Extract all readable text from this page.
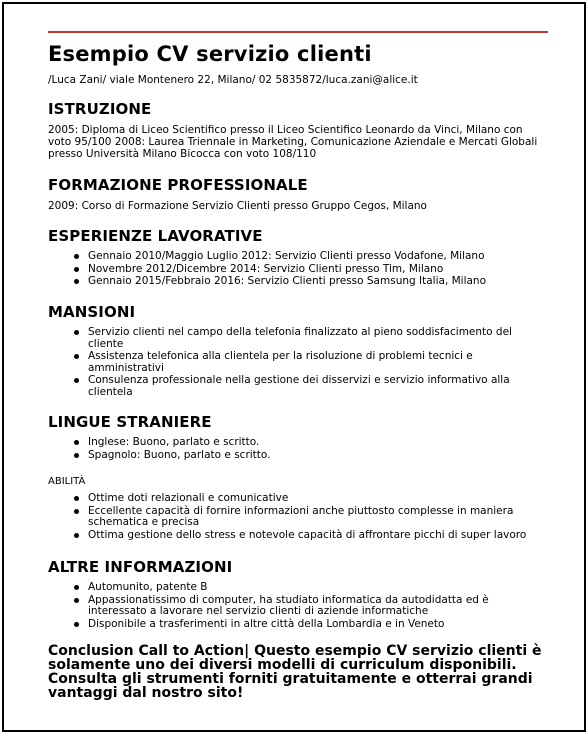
Esempio CV servizio clienti
/Luca Zani/ viale Montenero 22, Milano/ 02 5835872/luca.zani@alice.it
ISTRUZIONE

2005: Diploma di Liceo Scientifico presso il Liceo Scientifico Leonardo da Vinci, Milano con voto 95/100 2008: Laurea Triennale in Marketing, Comunicazione Aziendale e Mercati Globali presso Università Milano Bicocca con voto 108/110

FORMAZIONE PROFESSIONALE

2009: Corso di Formazione Servizio Clienti presso Gruppo Cegos, Milano

ESPERIENZE LAVORATIVE
Gennaio 2010/Maggio Luglio 2012: Servizio Clienti presso Vodafone, Milano
Novembre 2012/Dicembre 2014: Servizio Clienti presso Tim, Milano
Gennaio 2015/Febbraio 2016: Servizio Clienti presso Samsung Italia, Milano
MANSIONI
Servizio clienti nel campo della telefonia finalizzato al pieno soddisfacimento del cliente
Assistenza telefonica alla clientela per la risoluzione di problemi tecnici e amministrativi
Consulenza professionale nella gestione dei disservizi e servizio informativo alla clientela
LINGUE STRANIERE
Inglese: Buono, parlato e scritto.
Spagnolo: Buono, parlato e scritto.
ABILITÀ
Ottime doti relazionali e comunicative
Eccellente capacità di fornire informazioni anche piuttosto complesse in maniera schematica e precisa
Ottima gestione dello stress e notevole capacità di affrontare picchi di super lavoro
ALTRE INFORMAZIONI
Automunito, patente B
Appassionatissimo di computer, ha studiato informatica da autodidatta ed è interessato a lavorare nel servizio clienti di aziende informatiche
Disponibile a trasferimenti in altre città della Lombardia e in Veneto
Conclusion Call to Action| Questo esempio CV servizio clienti è solamente uno dei diversi modelli di curriculum disponibili. Consulta gli strumenti forniti gratuitamente e otterrai grandi vantaggi dal nostro sito!
